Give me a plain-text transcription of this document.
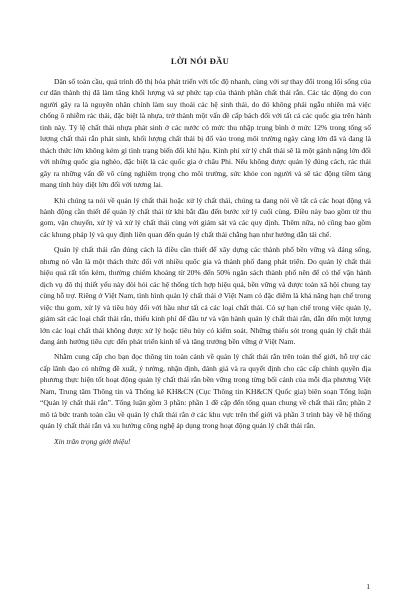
LỜI NÓI ĐẦU

Dân số toàn cầu, quá trình đô thị hóa phát triển với tốc độ nhanh, cùng với sự thay đổi trong lối sống của cư dân thành thị đã làm tăng khối lượng và sự phức tạp của thành phần chất thải rắn. Các tác động do con người gây ra là nguyên nhân chính làm suy thoái các hệ sinh thái, do đó không phải ngẫu nhiên mà việc chống ô nhiễm rác thải, đặc biệt là nhựa, trở thành một vấn đề cấp bách đối với tất cả các quốc gia trên hành tinh này. Tỷ lệ chất thải nhựa phát sinh ở các nước có mức thu nhập trung bình ở mức 12% trong tổng số lượng chất thải rắn phát sinh, khối lượng chất thải bị đổ vào trong môi trường ngày càng lớn đã và đang là thách thức lớn không kém gì tình trạng biến đổi khí hậu. Kinh phí xử lý chất thải sẽ là một gánh nặng lớn đối với những quốc gia nghèo, đặc biệt là các quốc gia ở châu Phi. Nếu không được quản lý đúng cách, rác thải gây ra những vấn đề vô cùng nghiêm trọng cho môi trường, sức khỏe con người và sẽ tác động tiềm tàng mang tính hủy diệt lớn đối với tương lai.

Khi chúng ta nói về quản lý chất thải hoặc xử lý chất thải, chúng ta đang nói về tất cả các hoạt động và hành động cần thiết để quản lý chất thải từ khi bắt đầu đến bước xử lý cuối cùng. Điều này bao gồm từ thu gom, vận chuyển, xử lý và xử lý chất thải cùng với giám sát và các quy định. Thêm nữa, nó cũng bao gồm các khung pháp lý và quy định liên quan đến quản lý chất thải chẳng hạn như hướng dẫn tái chế.

Quản lý chất thải rắn đúng cách là điều cần thiết để xây dựng các thành phố bền vững và đáng sống, nhưng nó vẫn là một thách thức đối với nhiều quốc gia và thành phố đang phát triển. Do quản lý chất thải hiệu quả rất tốn kém, thường chiếm khoảng từ 20% đến 50% ngân sách thành phố nên để có thể vận hành dịch vụ đô thị thiết yếu này đòi hỏi các hệ thống tích hợp hiệu quả, bền vững và được toàn xã hội chung tay cùng hỗ trợ. Riêng ở Việt Nam, tình hình quản lý chất thải ở Việt Nam có đặc điểm là khả năng hạn chế trong việc thu gom, xử lý và tiêu hủy đối với hầu như tất cả các loại chất thải. Có sự hạn chế trong việc quản lý, giám sát các loại chất thải rắn, thiếu kinh phí để đầu tư và vận hành quản lý chất thải rắn, dẫn đến một lượng lớn các loại chất thải không được xử lý hoặc tiêu hủy có kiểm soát. Những thiếu sót trong quản lý chất thải đang ảnh hưởng tiêu cực đến phát triển kinh tế và tăng trưởng bền vững ở Việt Nam.

Nhằm cung cấp cho bạn đọc thông tin toàn cảnh về quản lý chất thải rắn trên toàn thế giới, hỗ trợ các cấp lãnh đạo có những đề xuất, ý tưởng, nhận định, đánh giá và ra quyết định cho các cấp chính quyền địa phương thực hiện tốt hoạt động quản lý chất thải rắn bền vững trong từng bối cảnh của mỗi địa phương Việt Nam, Trung tâm Thông tin và Thống kê KH&CN (Cục Thông tin KH&CN Quốc gia) biên soạn Tổng luận “Quản lý chất thải rắn”. Tổng luận gồm 3 phần: phần 1 đề cập đến tổng quan chung về chất thải rắn; phần 2 mô tả bức tranh toàn cầu về quản lý chất thải rắn ở các khu vực trên thế giới và phần 3 trình bày về hệ thống quản lý chất thải rắn và xu hướng công nghệ áp dụng trong hoạt động quản lý chất thải rắn.

Xin trân trọng giới thiệu!

1
